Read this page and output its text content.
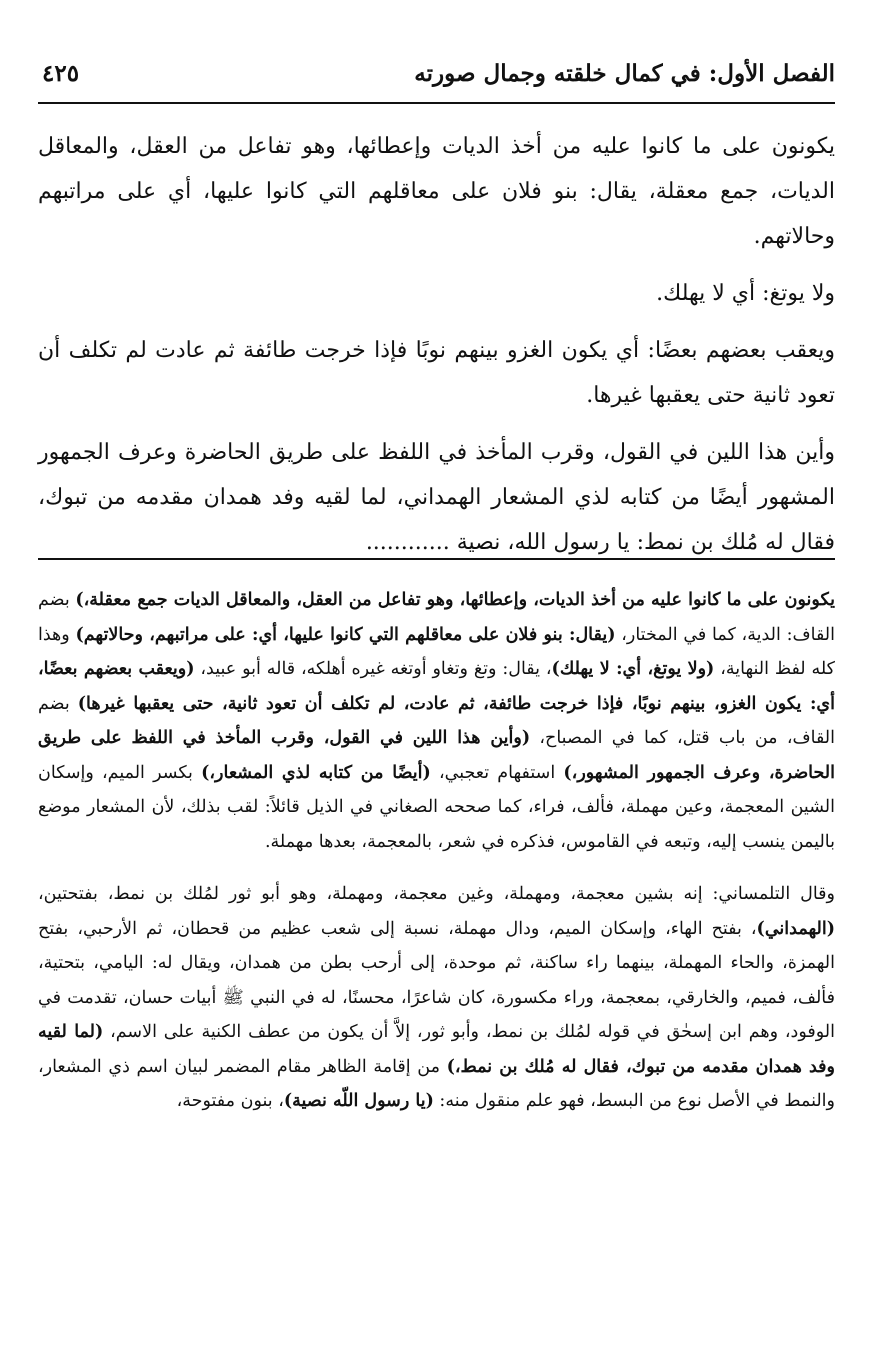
الفصل الأول: في كمال خلقته وجمال صورته
٤٢٥

يكونون على ما كانوا عليه من أخذ الديات وإعطائها، وهو تفاعل من العقل، والمعاقل الديات، جمع معقلة، يقال: بنو فلان على معاقلهم التي كانوا عليها، أي على مراتبهم وحالاتهم.

ولا يوتغ: أي لا يهلك.

ويعقب بعضهم بعضًا: أي يكون الغزو بينهم نوبًا فإذا خرجت طائفة ثم عادت لم تكلف أن تعود ثانية حتى يعقبها غيرها.

وأين هذا اللين في القول، وقرب المأخذ في اللفظ على طريق الحاضرة وعرف الجمهور المشهور أيضًا من كتابه لذي المشعار الهمداني، لما لقيه وفد همدان مقدمه من تبوك، فقال له مُلك بن نمط: يا رسول الله، نصية ............

يكونون على ما كانوا عليه من أخذ الديات، وإعطائها، وهو تفاعل من العقل، والمعاقل الديات جمع معقلة،) بضم القاف: الدية، كما في المختار، (يقال: بنو فلان على معاقلهم التي كانوا عليها، أي: على مراتبهم، وحالاتهم) وهذا كله لفظ النهاية، (ولا يوتغ، أي: لا يهلك)، يقال: وتغ وتغاو أوتغه غيره أهلكه، قاله أبو عبيد، (ويعقب بعضهم بعضًا، أي: يكون الغزو، بينهم نوبًا، فإذا خرجت طائفة، ثم عادت، لم تكلف أن تعود ثانية، حتى يعقبها غيرها) بضم القاف، من باب قتل، كما في المصباح، (وأين هذا اللين في القول، وقرب المأخذ في اللفظ على طريق الحاضرة، وعرف الجمهور المشهور،) استفهام تعجبي، (أيضًا من كتابه لذي المشعار،) بكسر الميم، وإسكان الشين المعجمة، وعين مهملة، فألف، فراء، كما صححه الصغاني في الذيل قائلاً: لقب بذلك، لأن المشعار موضع باليمن ينسب إليه، وتبعه في القاموس، فذكره في شعر، بالمعجمة، بعدها مهملة.

وقال التلمساني: إنه بشين معجمة، ومهملة، وغين معجمة، ومهملة، وهو أبو ثور لمُلك بن نمط، بفتحتين، (الهمداني)، بفتح الهاء، وإسكان الميم، ودال مهملة، نسبة إلى شعب عظيم من قحطان، ثم الأرحبي، بفتح الهمزة، والحاء المهملة، بينهما راء ساكنة، ثم موحدة، إلى أرحب بطن من همدان، ويقال له: اليامي، بتحتية، فألف، فميم، والخارقي، بمعجمة، وراء مكسورة، كان شاعرًا، محسنًا، له في النبي ﷺ أبيات حسان، تقدمت في الوفود، وهم ابن إسحٰق في قوله لمُلك بن نمط، وأبو ثور، إلاَّ أن يكون من عطف الكنية على الاسم، (لما لقيه وفد همدان مقدمه من تبوك، فقال له مُلك بن نمط،) من إقامة الظاهر مقام المضمر لبيان اسم ذي المشعار، والنمط في الأصل نوع من البسط، فهو علم منقول منه: (يا رسول اللّه نصية)، بنون مفتوحة،
